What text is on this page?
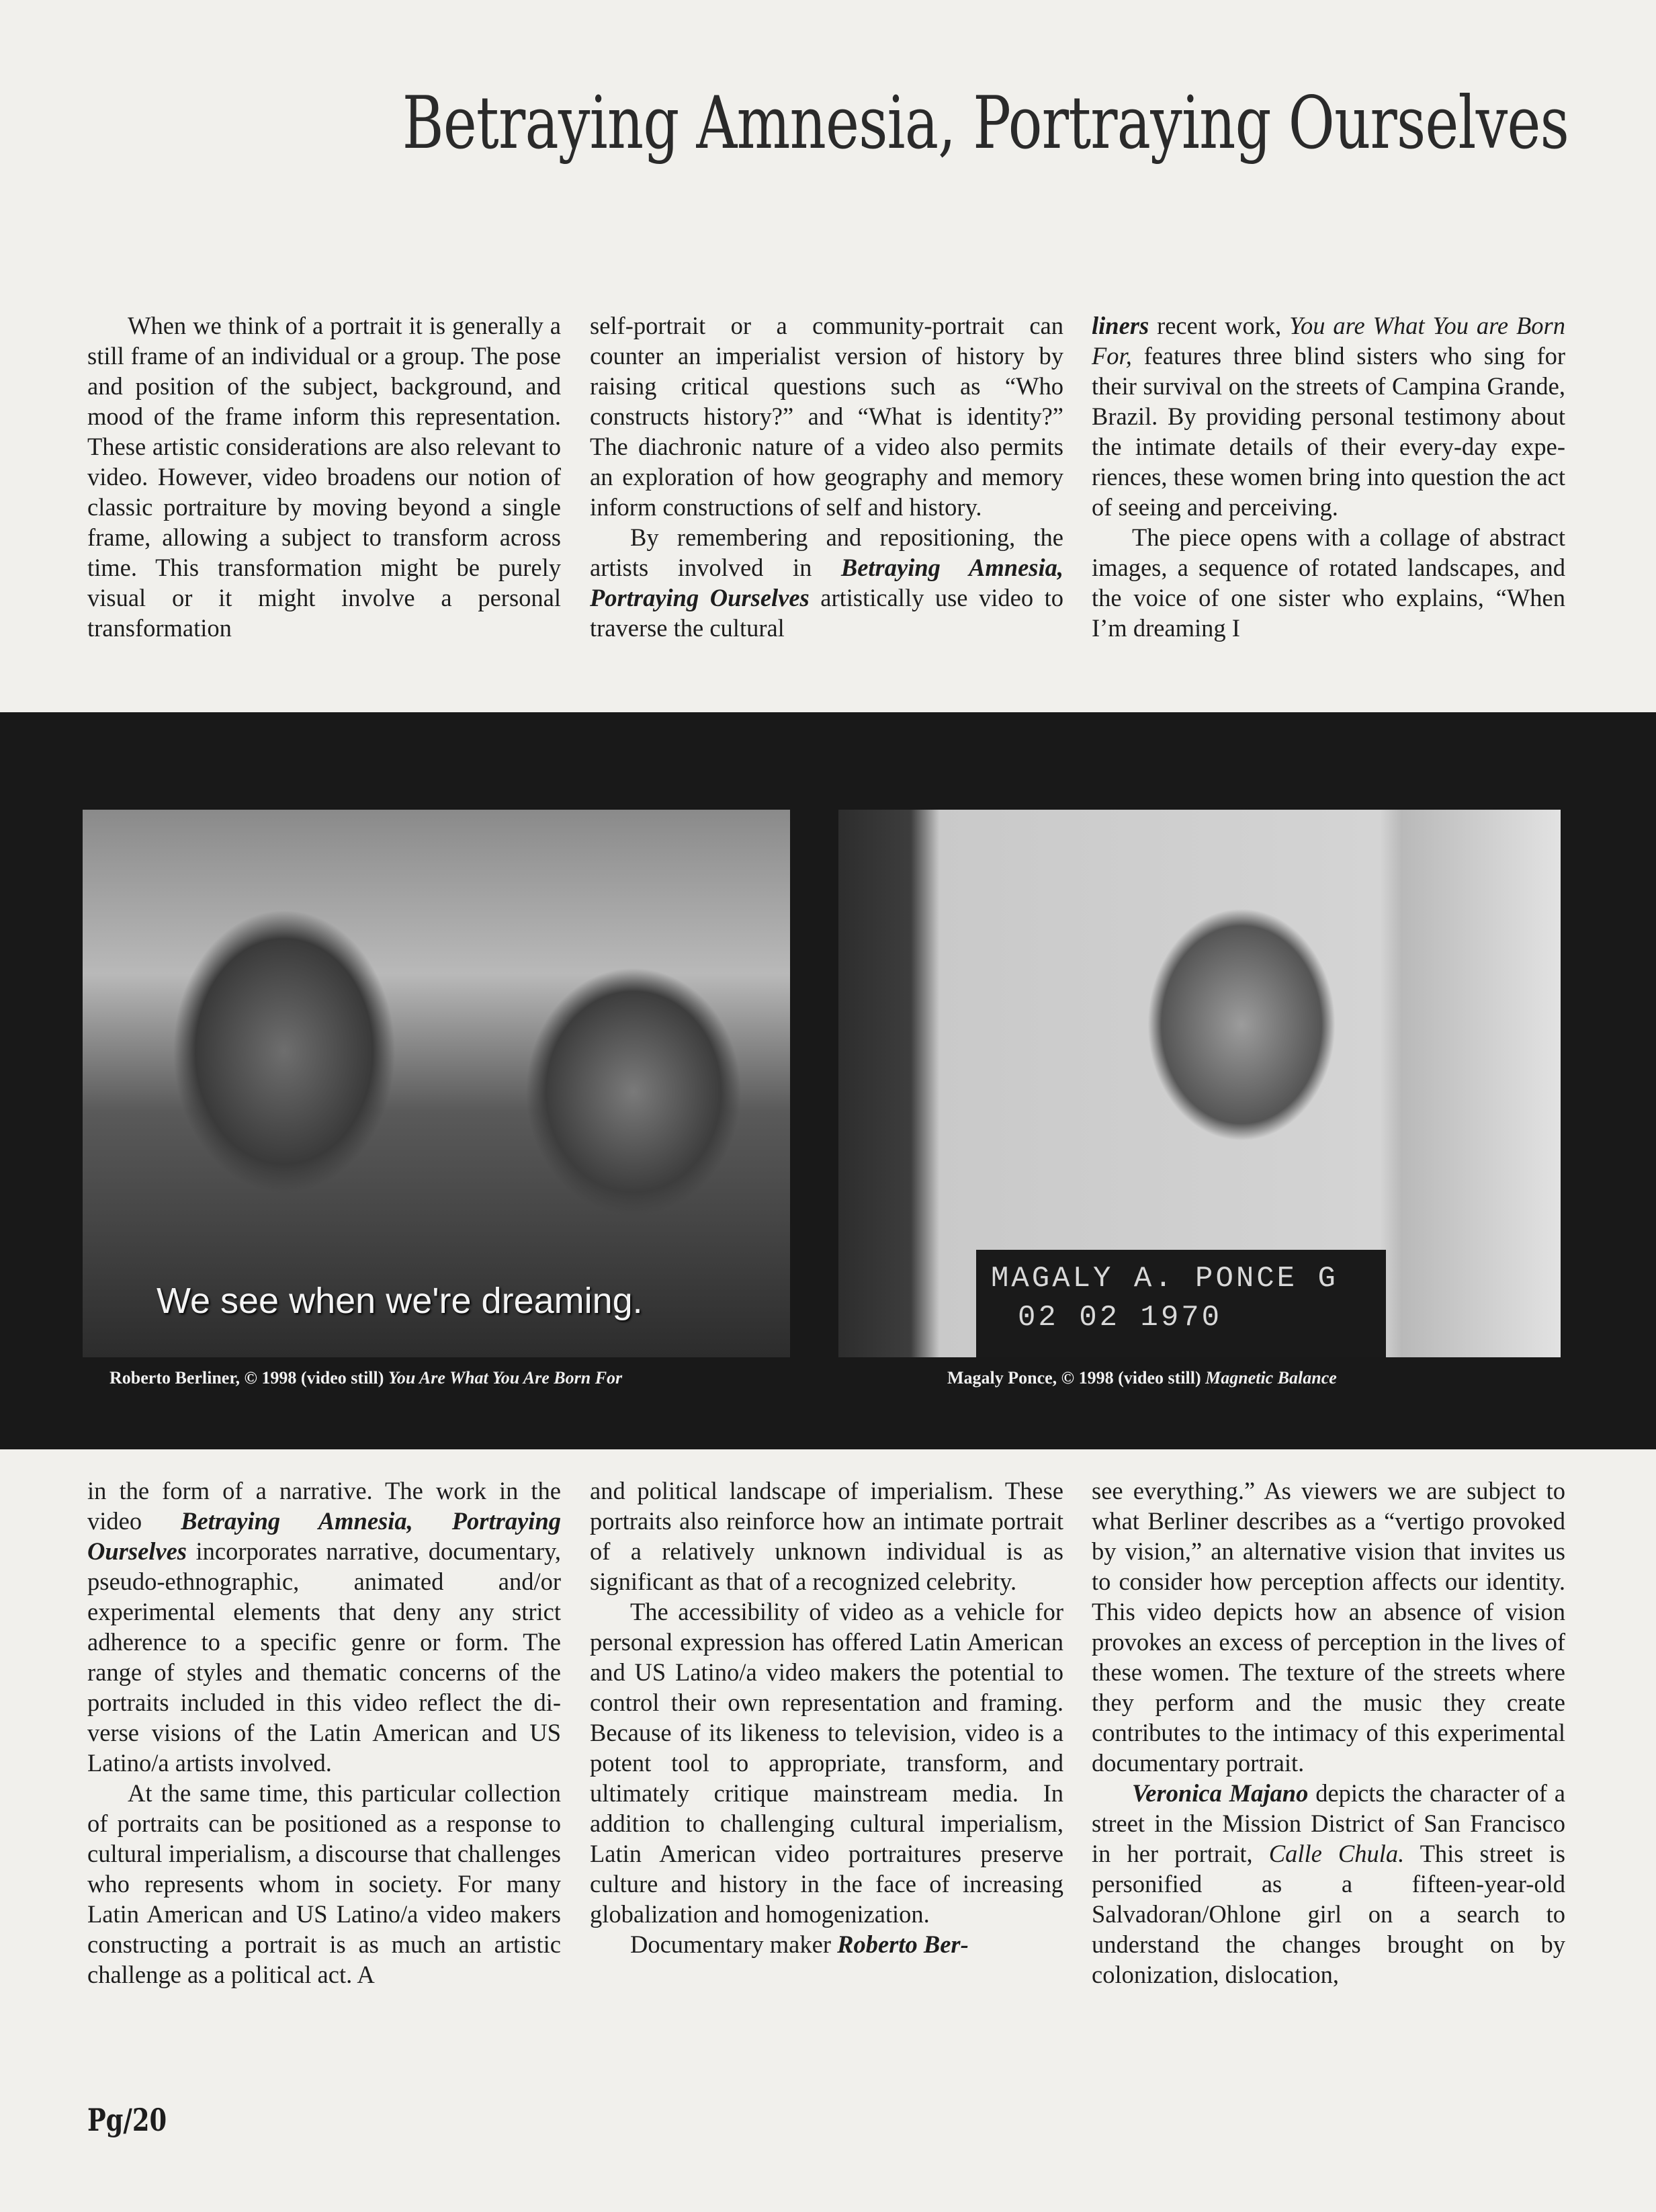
Betraying Amnesia, Portraying Ourselves

When we think of a portrait it is generally a still frame of an individual or a group. The pose and position of the subject, background, and mood of the frame inform this representation. These artistic considerations are also relevant to video. However, video broadens our notion of classic portraiture by moving beyond a single frame, allowing a subject to transform across time. This transformation might be purely visual or it might involve a personal transformation

self-portrait or a community-portrait can counter an imperialist version of history by raising critical questions such as “Who constructs history?” and “What is identity?” The diachronic nature of a video also permits an exploration of how geography and memory inform constructions of self and history.

By remembering and repositioning, the artists involved in Betraying Amnesia, Portraying Ourselves artistically use video to traverse the cultural

liners recent work, You are What You are Born For, features three blind sisters who sing for their survival on the streets of Campina Grande, Brazil. By providing personal testimony about the intimate details of their every-day experiences, these women bring into question the act of seeing and perceiving.

The piece opens with a collage of abstract images, a sequence of rotated landscapes, and the voice of one sister who explains, “When I’m dreaming I

We see when we're dreaming.
MAGALY A. PONCE G
02 02 1970
Roberto Berliner, © 1998 (video still) You Are What You Are Born For	Magaly Ponce, © 1998 (video still) Magnetic Balance

in the form of a narrative. The work in the video Betraying Amnesia, Portraying Ourselves incorporates narrative, documentary, pseudo-ethnographic, animated and/or experimental elements that deny any strict adherence to a specific genre or form. The range of styles and thematic concerns of the portraits included in this video reflect the diverse visions of the Latin American and US Latino/a artists involved.

At the same time, this particular collection of portraits can be positioned as a response to cultural imperialism, a discourse that challenges who represents whom in society. For many Latin American and US Latino/a video makers constructing a portrait is as much an artistic challenge as a political act. A

and political landscape of imperialism. These portraits also reinforce how an intimate portrait of a relatively unknown individual is as significant as that of a recognized celebrity.

The accessibility of video as a vehicle for personal expression has offered Latin American and US Latino/a video makers the potential to control their own representation and framing. Because of its likeness to television, video is a potent tool to appropriate, transform, and ultimately critique mainstream media. In addition to challenging cultural imperialism, Latin American video portraitures preserve culture and history in the face of increasing globalization and homogenization.

Documentary maker Roberto Ber-

see everything.” As viewers we are subject to what Berliner describes as a “vertigo provoked by vision,” an alternative vision that invites us to consider how perception affects our identity. This video depicts how an absence of vision provokes an excess of perception in the lives of these women. The texture of the streets where they perform and the music they create contributes to the intimacy of this experimental documentary portrait.

Veronica Majano depicts the character of a street in the Mission District of San Francisco in her portrait, Calle Chula. This street is personified as a fifteen-year-old Salvadoran/Ohlone girl on a search to understand the changes brought on by colonization, dislocation,

Pg/20
